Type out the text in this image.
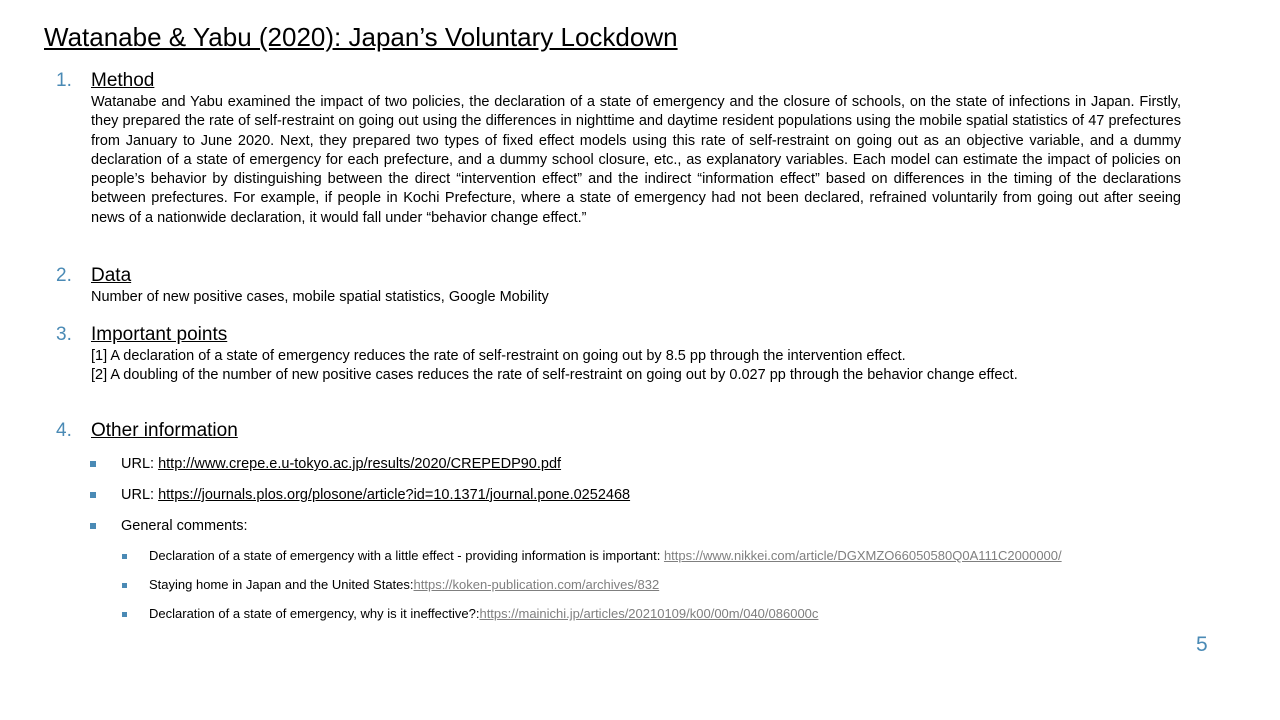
Watanabe & Yabu (2020): Japan’s Voluntary Lockdown
1. Method
Watanabe and Yabu examined the impact of two policies, the declaration of a state of emergency and the closure of schools, on the state of infections in Japan. Firstly, they prepared the rate of self-restraint on going out using the differences in nighttime and daytime resident populations using the mobile spatial statistics of 47 prefectures from January to June 2020. Next, they prepared two types of fixed effect models using this rate of self-restraint on going out as an objective variable, and a dummy declaration of a state of emergency for each prefecture, and a dummy school closure, etc., as explanatory variables. Each model can estimate the impact of policies on people’s behavior by distinguishing between the direct “intervention effect” and the indirect “information effect” based on differences in the timing of the declarations between prefectures. For example, if people in Kochi Prefecture, where a state of emergency had not been declared, refrained voluntarily from going out after seeing news of a nationwide declaration, it would fall under “behavior change effect.”
2. Data
Number of new positive cases, mobile spatial statistics, Google Mobility
3. Important points
[1] A declaration of a state of emergency reduces the rate of self-restraint on going out by 8.5 pp through the intervention effect.
[2] A doubling of the number of new positive cases reduces the rate of self-restraint on going out by 0.027 pp through the behavior change effect.
4. Other information
URL: http://www.crepe.e.u-tokyo.ac.jp/results/2020/CREPEDP90.pdf
URL: https://journals.plos.org/plosone/article?id=10.1371/journal.pone.0252468
General comments:
Declaration of a state of emergency with a little effect - providing information is important: https://www.nikkei.com/article/DGXMZO66050580Q0A111C2000000/
Staying home in Japan and the United States:https://koken-publication.com/archives/832
Declaration of a state of emergency, why is it ineffective?:https://mainichi.jp/articles/20210109/k00/00m/040/086000c
5
